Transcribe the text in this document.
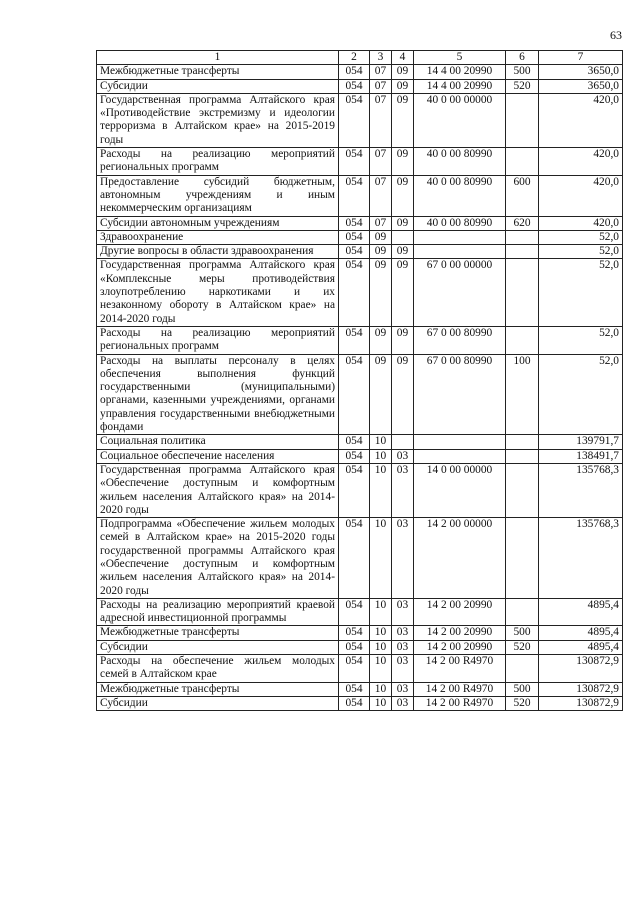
63
1	2	3	4	5	6	7
Межбюджетные трансферты	054	07	09	14 4 00 20990	500	3650,0
Субсидии	054	07	09	14 4 00 20990	520	3650,0
Государственная программа Алтайского края «Противодействие экстремизму и идеологии терроризма в Алтайском крае» на 2015-2019 годы	054	07	09	40 0 00 00000		420,0
Расходы на реализацию мероприятий региональных программ	054	07	09	40 0 00 80990		420,0
Предоставление субсидий бюджетным, автономным учреждениям и иным некоммерческим организациям	054	07	09	40 0 00 80990	600	420,0
Субсидии автономным учреждениям	054	07	09	40 0 00 80990	620	420,0
Здравоохранение	054	09				52,0
Другие вопросы в области здравоохранения	054	09	09			52,0
Государственная программа Алтайского края «Комплексные меры противодействия злоупотреблению наркотиками и их незаконному обороту в Алтайском крае» на 2014-2020 годы	054	09	09	67 0 00 00000		52,0
Расходы на реализацию мероприятий региональных программ	054	09	09	67 0 00 80990		52,0
Расходы на выплаты персоналу в целях обеспечения выполнения функций государственными (муниципальными) органами, казенными учреждениями, органами управления государственными внебюджетными фондами	054	09	09	67 0 00 80990	100	52,0
Социальная политика	054	10				139791,7
Социальное обеспечение населения	054	10	03			138491,7
Государственная программа Алтайского края «Обеспечение доступным и комфортным жильем населения Алтайского края» на 2014-2020 годы	054	10	03	14 0 00 00000		135768,3
Подпрограмма «Обеспечение жильем молодых семей в Алтайском крае» на 2015-2020 годы государственной программы Алтайского края «Обеспечение доступным и комфортным жильем населения Алтайского края» на 2014-2020 годы	054	10	03	14 2 00 00000		135768,3
Расходы на реализацию мероприятий краевой адресной инвестиционной программы	054	10	03	14 2 00 20990		4895,4
Межбюджетные трансферты	054	10	03	14 2 00 20990	500	4895,4
Субсидии	054	10	03	14 2 00 20990	520	4895,4
Расходы на обеспечение жильем молодых семей в Алтайском крае	054	10	03	14 2 00 R4970		130872,9
Межбюджетные трансферты	054	10	03	14 2 00 R4970	500	130872,9
Субсидии	054	10	03	14 2 00 R4970	520	130872,9
